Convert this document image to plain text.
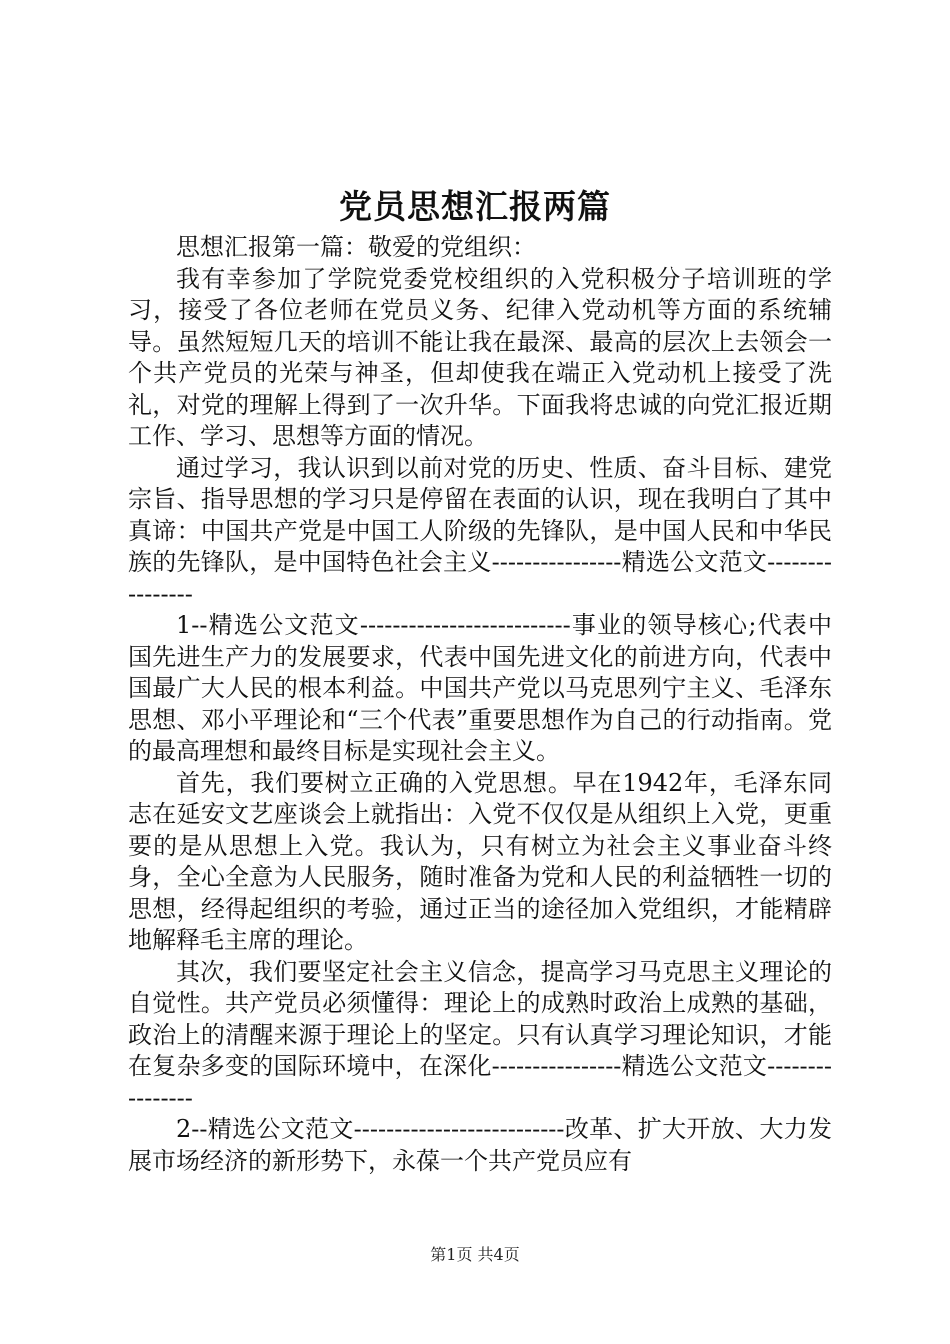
党员思想汇报两篇

思想汇报第一篇：敬爱的党组织：

我有幸参加了学院党委党校组织的入党积极分子培训班的学习，接受了各位老师在党员义务、纪律入党动机等方面的系统辅导。虽然短短几天的培训不能让我在最深、最高的层次上去领会一个共产党员的光荣与神圣，但却使我在端正入党动机上接受了洗礼，对党的理解上得到了一次升华。下面我将忠诚的向党汇报近期工作、学习、思想等方面的情况。

通过学习，我认识到以前对党的历史、性质、奋斗目标、建党宗旨、指导思想的学习只是停留在表面的认识，现在我明白了其中真谛：中国共产党是中国工人阶级的先锋队，是中国人民和中华民族的先锋队，是中国特色社会主义----------------精选公文范文----------------

1--精选公文范文--------------------------事业的领导核心;代表中国先进生产力的发展要求，代表中国先进文化的前进方向，代表中国最广大人民的根本利益。中国共产党以马克思列宁主义、毛泽东思想、邓小平理论和“三个代表”重要思想作为自己的行动指南。党的最高理想和最终目标是实现社会主义。

首先，我们要树立正确的入党思想。早在1942年，毛泽东同志在延安文艺座谈会上就指出：入党不仅仅是从组织上入党，更重要的是从思想上入党。我认为，只有树立为社会主义事业奋斗终身，全心全意为人民服务，随时准备为党和人民的利益牺牲一切的思想，经得起组织的考验，通过正当的途径加入党组织，才能精辟地解释毛主席的理论。

其次，我们要坚定社会主义信念，提高学习马克思主义理论的自觉性。共产党员必须懂得：理论上的成熟时政治上成熟的基础，政治上的清醒来源于理论上的坚定。只有认真学习理论知识，才能在复杂多变的国际环境中，在深化----------------精选公文范文----------------

2--精选公文范文--------------------------改革、扩大开放、大力发展市场经济的新形势下，永葆一个共产党员应有

第1页 共4页
